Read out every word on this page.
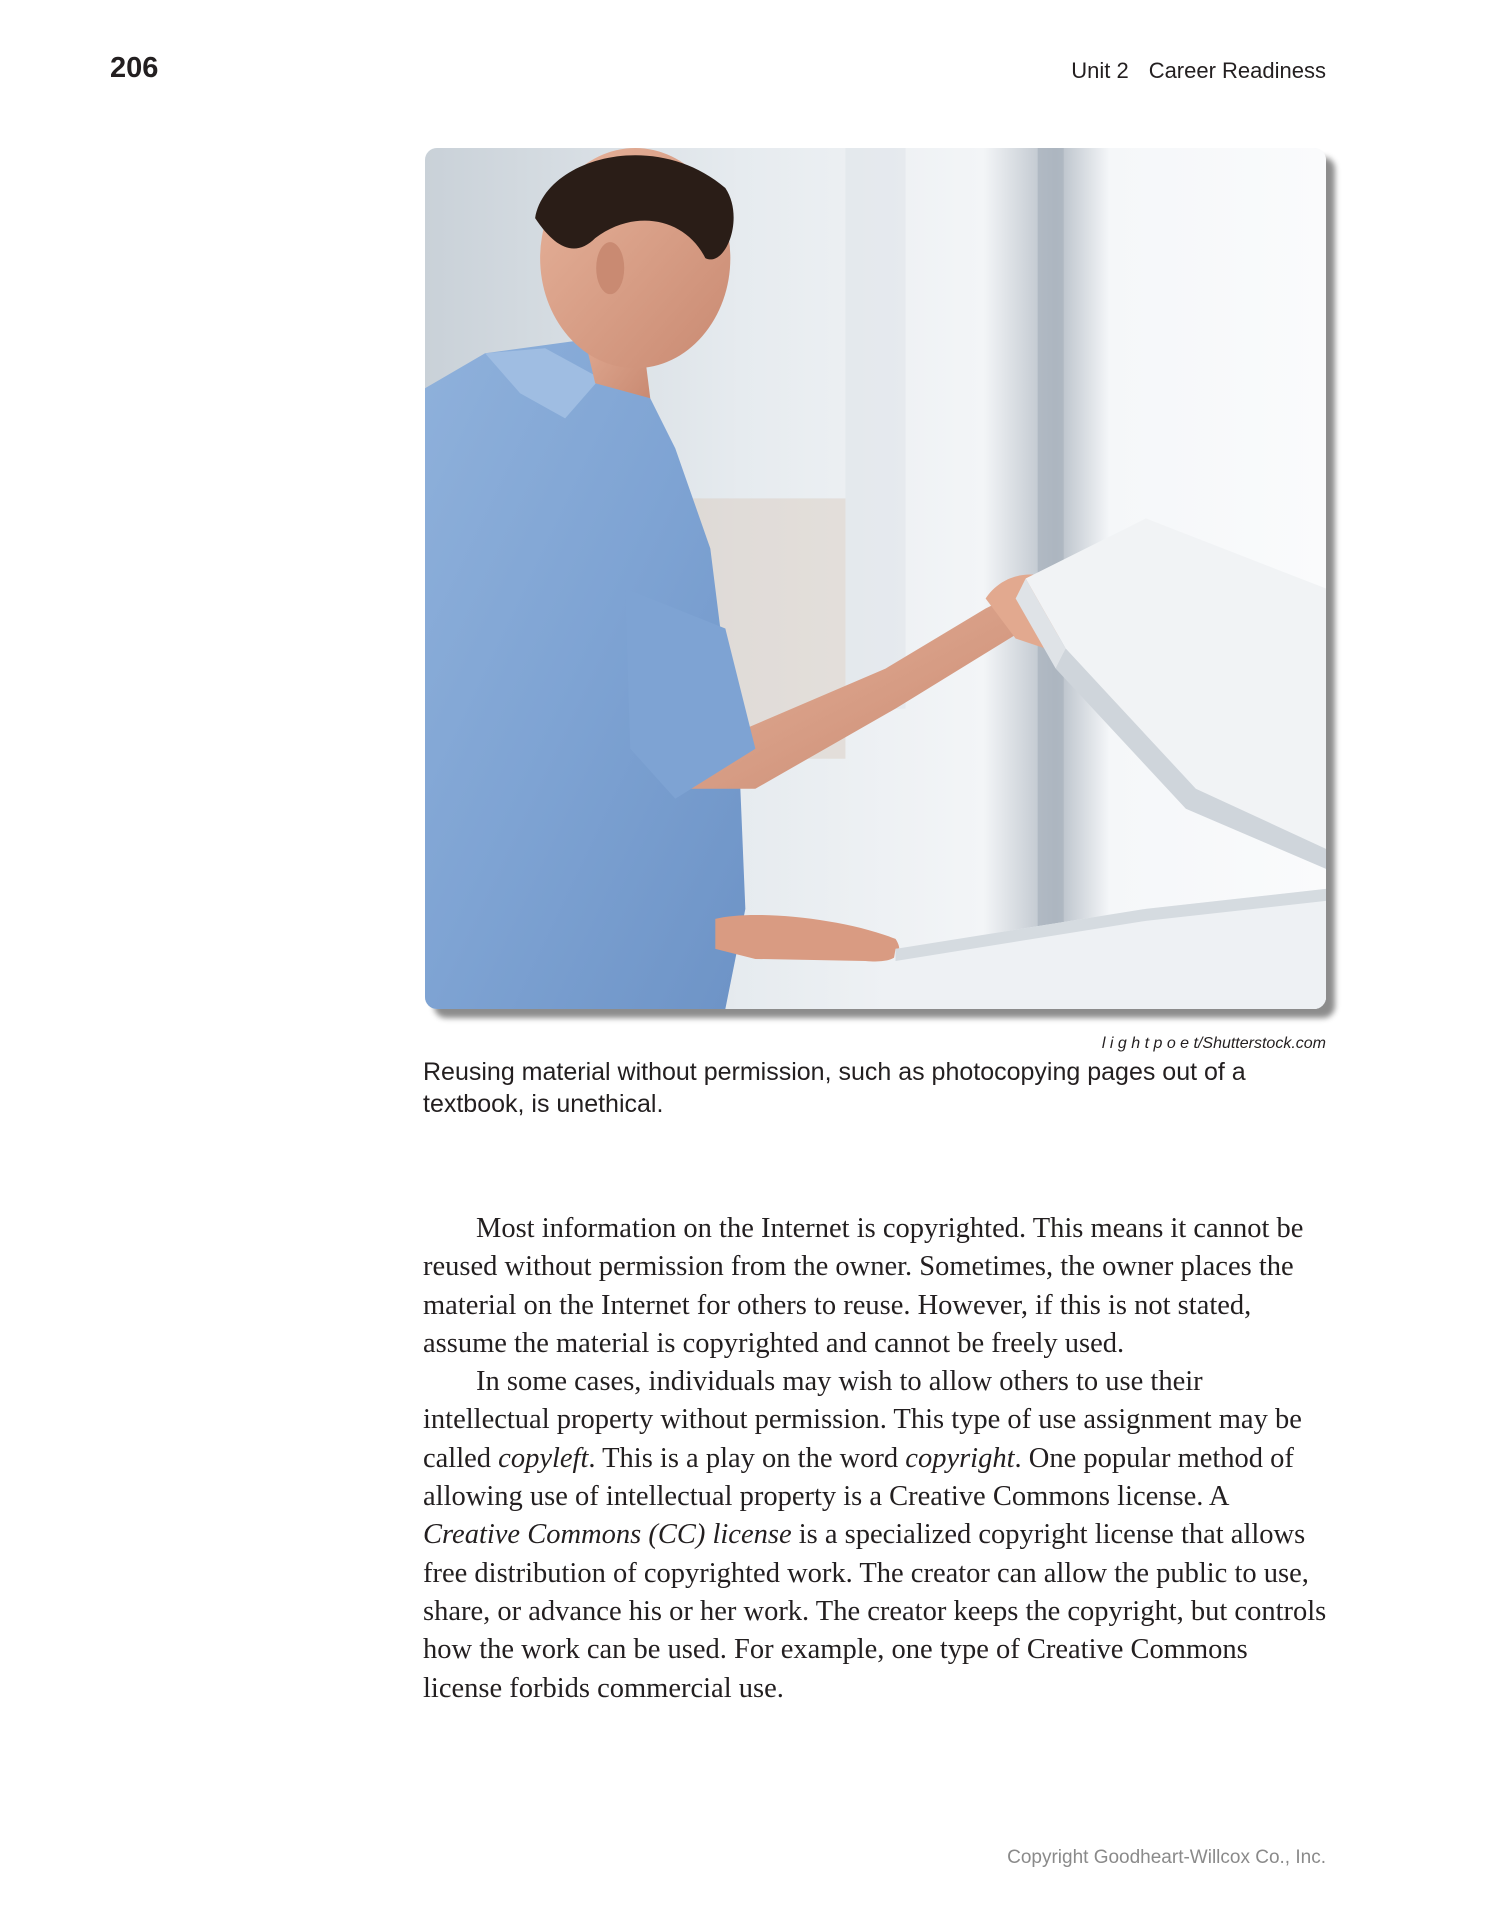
206	Unit 2 Career Readiness
l i g h t p o e t/Shutterstock.com
Reusing material without permission, such as photocopying pages out of a textbook, is unethical.

Most information on the Internet is copyrighted. This means it cannot be reused without permission from the owner. Sometimes, the owner places the material on the Internet for others to reuse. However, if this is not stated, assume the material is copyrighted and cannot be freely used.

In some cases, individuals may wish to allow others to use their intellectual property without permission. This type of use assignment may be called copyleft. This is a play on the word copyright. One popular method of allowing use of intellectual property is a Creative Commons license. A Creative Commons (CC) license is a specialized copyright license that allows free distribution of copyrighted work. The creator can allow the public to use, share, or advance his or her work. The creator keeps the copyright, but controls how the work can be used. For example, one type of Creative Commons license forbids commercial use.

Copyright Goodheart-Willcox Co., Inc.
